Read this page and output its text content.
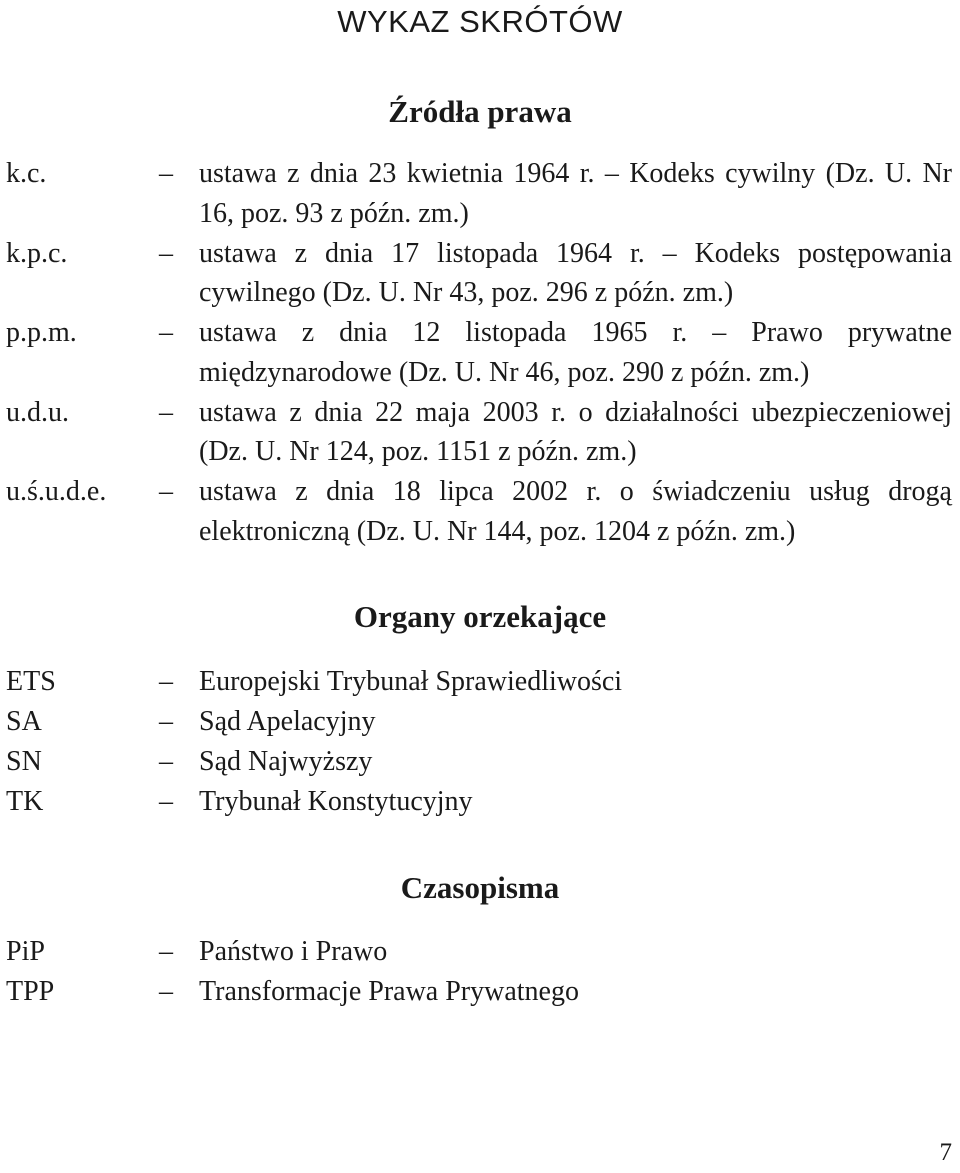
WYKAZ SKRÓTÓW
Źródła prawa
k.c.	– ustawa z dnia 23 kwietnia 1964 r. – Kodeks cywilny (Dz. U. Nr 16, poz. 93 z późn. zm.)
k.p.c.	– ustawa z dnia 17 listopada 1964 r. – Kodeks postępowania cywilnego (Dz. U. Nr 43, poz. 296 z późn. zm.)
p.p.m.	– ustawa z dnia 12 listopada 1965 r. – Prawo prywatne międzynarodowe (Dz. U. Nr 46, poz. 290 z późn. zm.)
u.d.u.	– ustawa z dnia 22 maja 2003 r. o działalności ubezpieczeniowej (Dz. U. Nr 124, poz. 1151 z późn. zm.)
u.ś.u.d.e.	– ustawa z dnia 18 lipca 2002 r. o świadczeniu usług drogą elektroniczną (Dz. U. Nr 144, poz. 1204 z późn. zm.)
Organy orzekające
ETS	– Europejski Trybunał Sprawiedliwości
SA	– Sąd Apelacyjny
SN	– Sąd Najwyższy
TK	– Trybunał Konstytucyjny
Czasopisma
PiP	– Państwo i Prawo
TPP	– Transformacje Prawa Prywatnego
7
